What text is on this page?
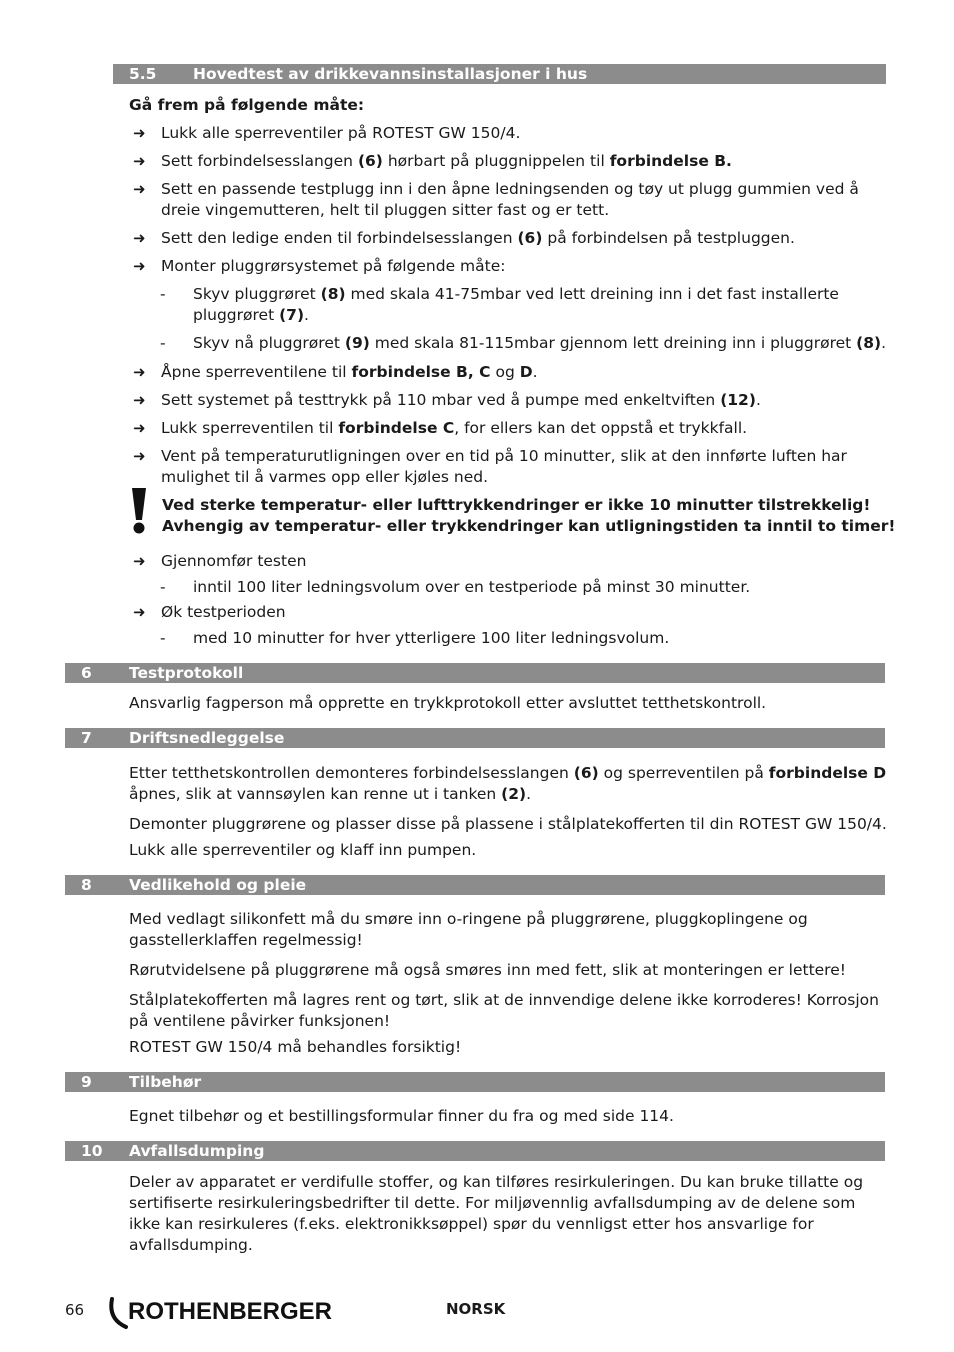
5.5 Hovedtest av drikkevannsinstallasjoner i hus
Gå frem på følgende måte:
➜ Lukk alle sperreventiler på ROTEST GW 150/4.
➜ Sett forbindelsesslangen (6) hørbart på pluggnippelen til forbindelse B.
➜ Sett en passende testplugg inn i den åpne ledningsenden og tøy ut plugg gummien ved å dreie vingemutteren, helt til pluggen sitter fast og er tett.
➜ Sett den ledige enden til forbindelsesslangen (6) på forbindelsen på testpluggen.
➜ Monter pluggrørsystemet på følgende måte:
- Skyv pluggrøret (8) med skala 41-75mbar ved lett dreining inn i det fast installerte pluggrøret (7).
- Skyv nå pluggrøret (9) med skala 81-115mbar gjennom lett dreining inn i pluggrøret (8).
➜ Åpne sperreventilene til forbindelse B, C og D.
➜ Sett systemet på testtrykk på 110 mbar ved å pumpe med enkeltviften (12).
➜ Lukk sperreventilen til forbindelse C, for ellers kan det oppstå et trykkfall.
➜ Vent på temperaturutligningen over en tid på 10 minutter, slik at den innførte luften har mulighet til å varmes opp eller kjøles ned.
Ved sterke temperatur- eller lufttrykkendringer er ikke 10 minutter tilstrekkelig!
Avhengig av temperatur- eller trykkendringer kan utligningstiden ta inntil to timer!
➜ Gjennomfør testen
- inntil 100 liter ledningsvolum over en testperiode på minst 30 minutter.
➜ Øk testperioden
- med 10 minutter for hver ytterligere 100 liter ledningsvolum.
6 Testprotokoll
Ansvarlig fagperson må opprette en trykkprotokoll etter avsluttet tetthetskontroll.
7 Driftsnedleggelse
Etter tetthetskontrollen demonteres forbindelsesslangen (6) og sperreventilen på forbindelse D åpnes, slik at vannsøylen kan renne ut i tanken (2).
Demonter pluggrørene og plasser disse på plassene i stålplatekofferten til din ROTEST GW 150/4.
Lukk alle sperreventiler og klaff inn pumpen.
8 Vedlikehold og pleie
Med vedlagt silikonfett må du smøre inn o-ringene på pluggrørene, pluggkoplingene og gasstellerklaffen regelmessig!
Rørutvidelsene på pluggrørene må også smøres inn med fett, slik at monteringen er lettere!
Stålplatekofferten må lagres rent og tørt, slik at de innvendige delene ikke korroderes! Korrosjon på ventilene påvirker funksjonen!
ROTEST GW 150/4 må behandles forsiktig!
9 Tilbehør
Egnet tilbehør og et bestillingsformular finner du fra og med side 114.
10 Avfallsdumping
Deler av apparatet er verdifulle stoffer, og kan tilføres resirkuleringen. Du kan bruke tillatte og sertifiserte resirkuleringsbedrifter til dette. For miljøvennlig avfallsdumping av de delene som ikke kan resirkuleres (f.eks. elektronikksøppel) spør du vennligst etter hos ansvarlige for avfallsdumping.
66 ROTHENBERGER	NORSK
